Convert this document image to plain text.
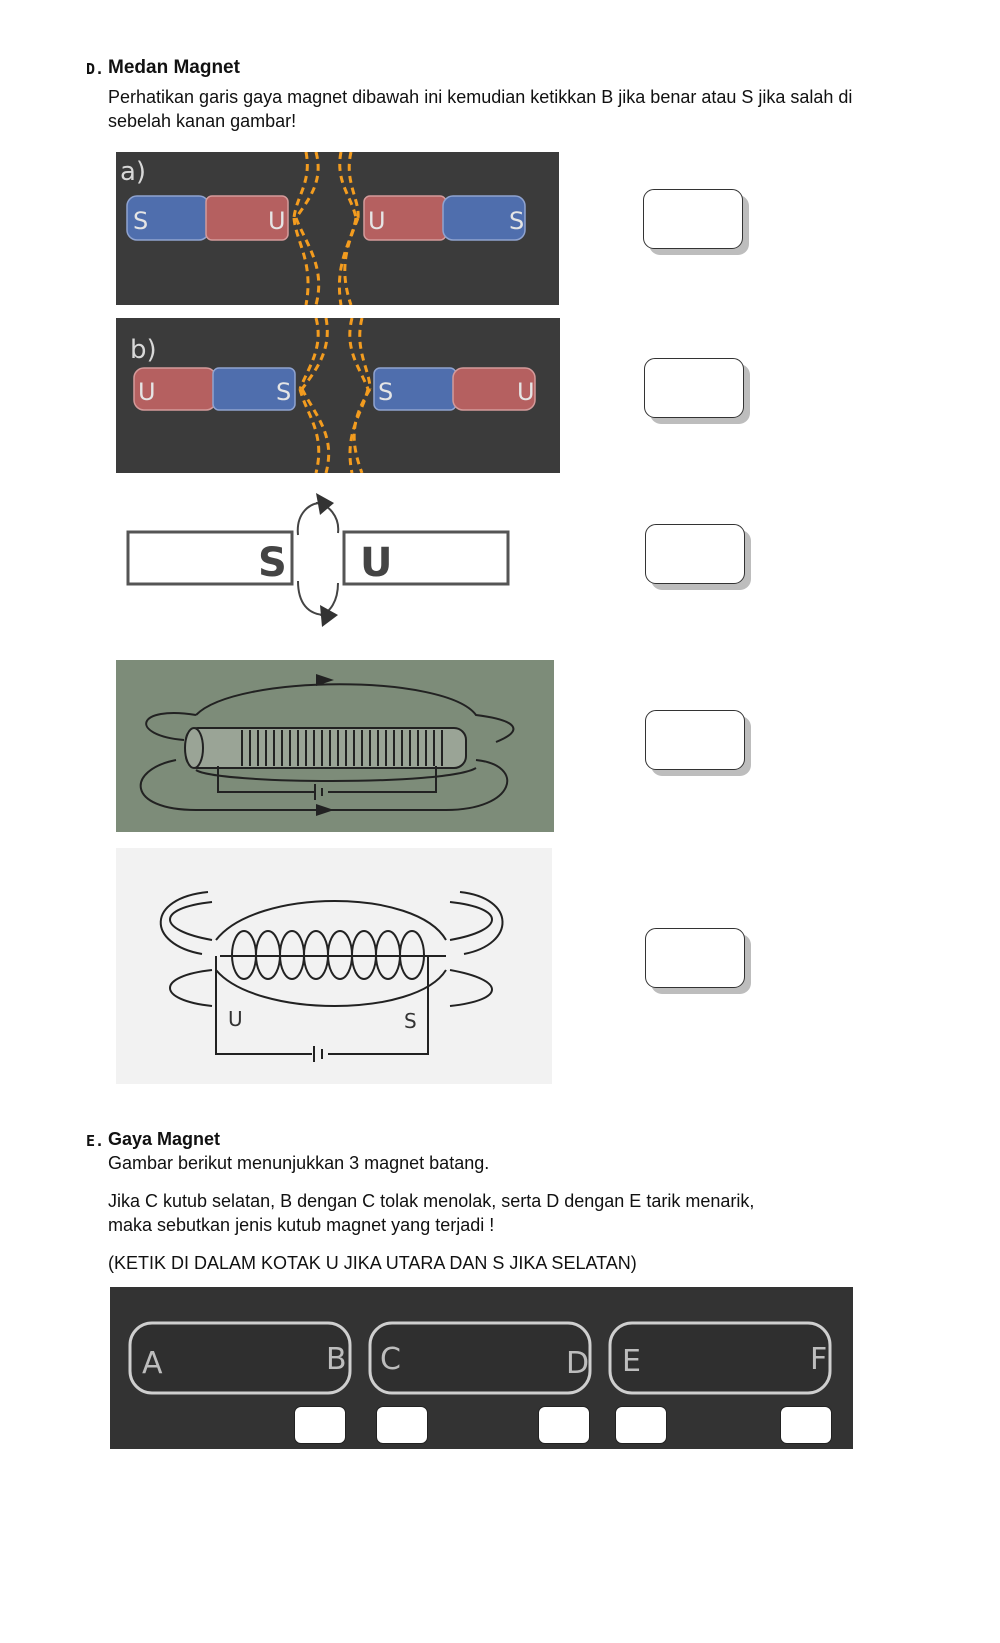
D. Medan Magnet
Perhatikan garis gaya magnet dibawah ini kemudian ketikkan B jika benar atau S jika salah di
sebelah kanan gambar!
a)
S	U	U	S
b)
U	S	S	U
S U
U	S
E. Gaya Magnet
Gambar berikut menunjukkan 3 magnet batang.
Jika C kutub selatan, B dengan C tolak menolak, serta D dengan E tarik menarik,
maka sebutkan jenis kutub magnet yang terjadi !
(KETIK DI DALAM KOTAK U JIKA UTARA DAN S JIKA SELATAN)
A	B C	D E	F
